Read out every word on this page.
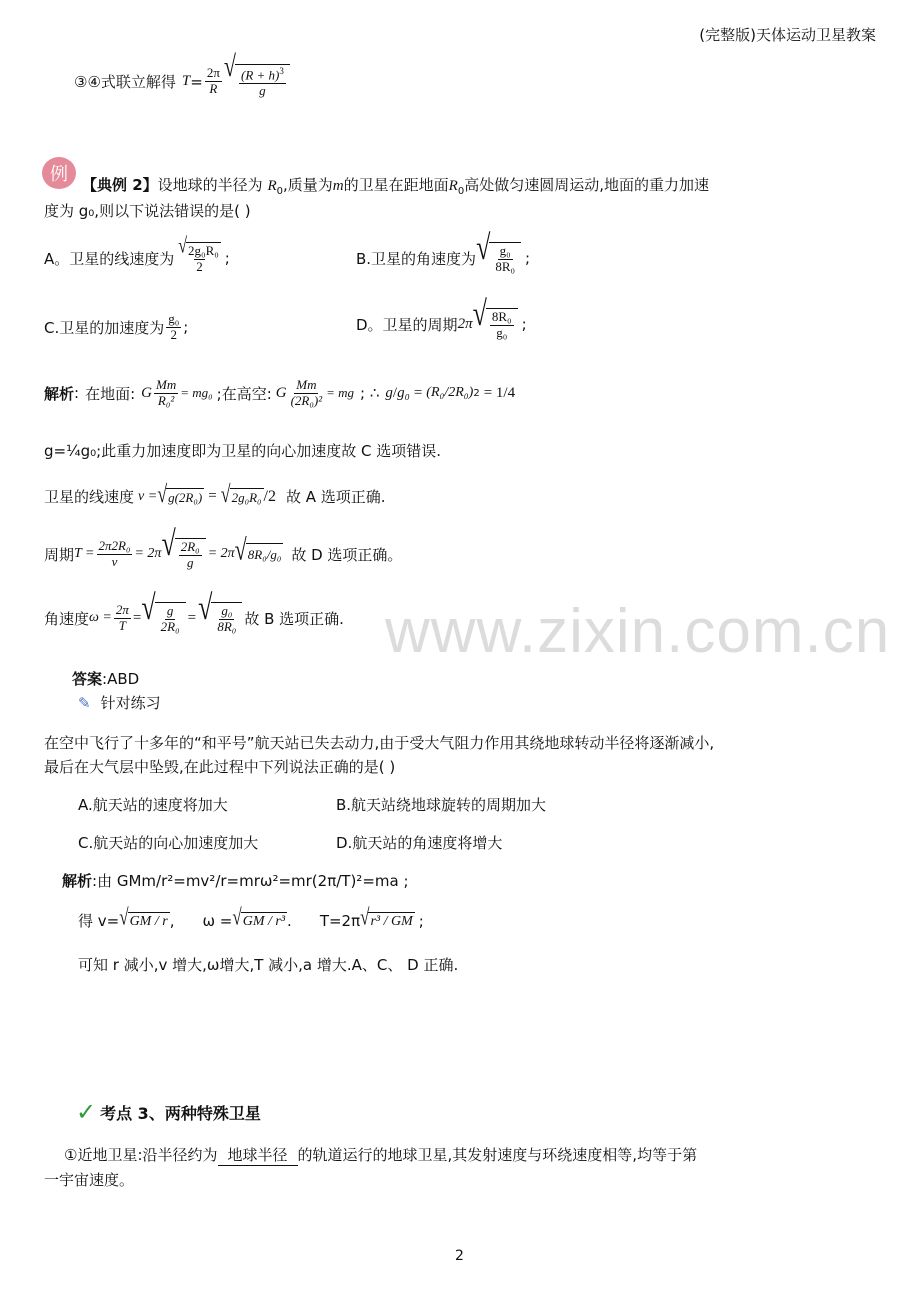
(完整版)天体运动卫星教案
www.zixin.com.cn
③④式联立解得 $T = \frac{2\pi}{R}$ √ $\frac{(R + h)^3}{g}$
例 【典例 2】设地球的半径为 $R_0$,质量为m的卫星在距地面$R_0$高处做匀速圆周运动,地面的重力加速
度为 g₀,则以下说法错误的是( )
A。卫星的线速度为 $\frac{\text{√ 2g₀R₀}}{2}$ ;	B.卫星的角速度为 √ $\frac{\text{g₀}}{\text{8R₀}}$ ;
C.卫星的加速度为 $\frac{\text{g₀}}{2}$ ;	D。卫星的周期 2π √ $\frac{\text{8R₀}}{\text{g₀}}$ ;
解析 : 在地面: G $\frac{Mm}{\text{R₀²}} = mg_0$ ;在高空: G $\frac{Mm}{\text{(2R₀)²}}$ = mg ; ∴ g / g₀ = (R₀/2R₀) 2 = 1/4
g=¼g₀;此重力加速度即为卫星的向心加速度故 C 选项错误.
卫星的线速度 v = √ g(2R₀) = √ 2g₀R₀ /2 故 A 选项正确.
周期 $T = \frac{\text{2π2R₀}}{v} = 2\pi$ √ $\frac{\text{2R₀}}{g} = 2\pi$ √ 8R₀/g₀ 故 D 选项正确。
角速度 $\omega = \frac{2\pi}{T}$ = √ $\frac{g}{\text{2R₀}}$ = √ $\frac{\text{g₀}}{\text{8R₀}}$ 故 B 选项正确.
答案:ABD
✎ 针对练习
在空中飞行了十多年的“和平号”航天站已失去动力,由于受大气阻力作用其绕地球转动半径将逐渐减小,
最后在大气层中坠毁,在此过程中下列说法正确的是( )
A.航天站的速度将加大	B.航天站绕地球旋转的周期加大
C.航天站的向心加速度加大	D.航天站的角速度将增大
解析:由 GMm/r²=mv²/r=mrω²=mr(2π/T)²=ma ;
得 v= √ GM / r , ω = √ GM / r³ . T=2π √ r³ / GM ;
可知 r 减小,v 增大,ω增大,T 减小,a 增大.A、C、 D 正确.
✓ 考点 3、两种特殊卫星
①近地卫星:沿半径约为 地球半径 的轨道运行的地球卫星,其发射速度与环绕速度相等,均等于第
一宇宙速度。
2
